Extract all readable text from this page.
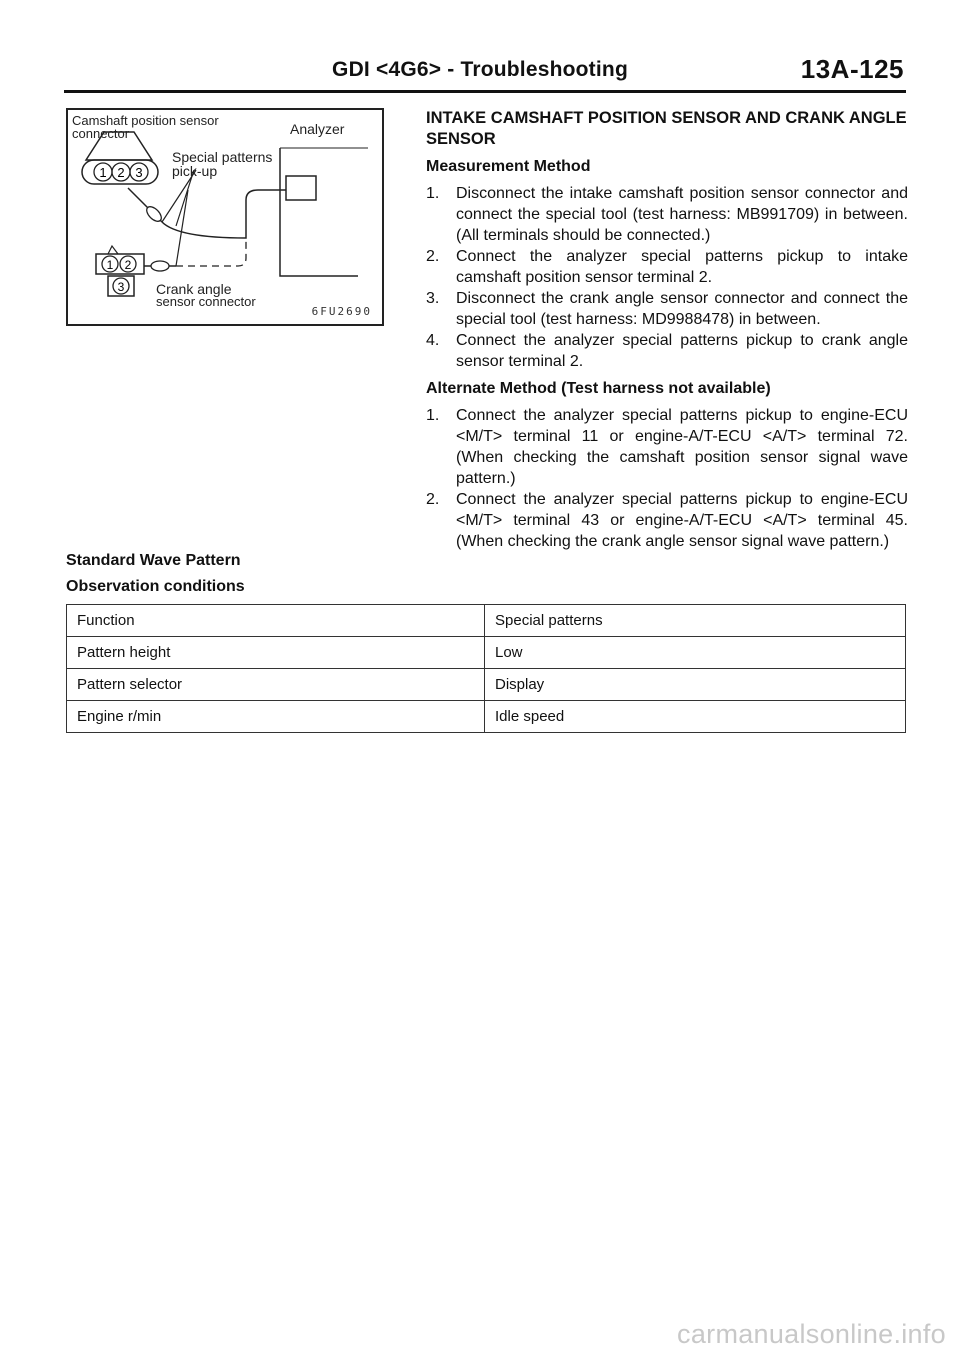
GDI <4G6> - Troubleshooting	13A-125
1 2 3
1 2
3
Camshaft position sensor
connector	Analyzer
Special patterns
pick-up
Crank angle
sensor connector
6FU2690
INTAKE CAMSHAFT POSITION SENSOR AND CRANK ANGLE SENSOR
Measurement Method
1.	Disconnect the intake camshaft position sensor connector and connect the special tool (test harness: MB991709) in between. (All terminals should be connected.)
2.	Connect the analyzer special patterns pickup to intake camshaft position sensor terminal 2.
3.	Disconnect the crank angle sensor connector and connect the special tool (test harness: MD9988478) in between.
4.	Connect the analyzer special patterns pickup to crank angle sensor terminal 2.
Alternate Method (Test harness not available)
1.	Connect the analyzer special patterns pickup to engine-ECU <M/T> terminal 11 or engine-A/T-ECU <A/T> terminal 72. (When checking the camshaft position sensor signal wave pattern.)
2.	Connect the analyzer special patterns pickup to engine-ECU <M/T> terminal 43 or engine-A/T-ECU <A/T> terminal 45. (When checking the crank angle sensor signal wave pattern.)
Standard Wave Pattern
Observation conditions
Function	Special patterns
Pattern height	Low
Pattern selector	Display
Engine r/min	Idle speed
carmanualsonline.info
